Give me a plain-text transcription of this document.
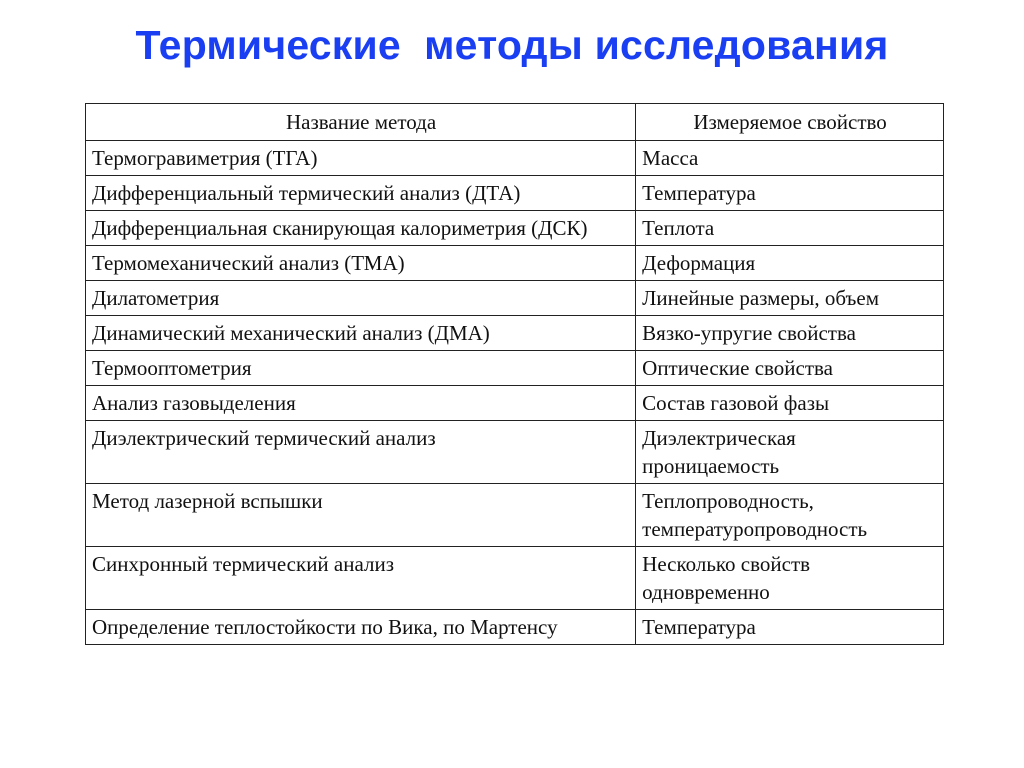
Термические  методы исследования
Название метода	Измеряемое свойство
Термогравиметрия (ТГА)	Масса
Дифференциальный термический анализ (ДТА)	Температура
Дифференциальная сканирующая калориметрия (ДСК)	Теплота
Термомеханический анализ (ТМА)	Деформация
Дилатометрия	Линейные размеры, объем
Динамический механический анализ (ДМА)	Вязко-упругие свойства
Термооптометрия	Оптические свойства
Анализ газовыделения	Состав газовой фазы
Диэлектрический термический анализ	Диэлектрическая проницаемость
Метод лазерной вспышки	Теплопроводность, температуропроводность
Синхронный термический анализ	Несколько свойств одновременно
Определение теплостойкости по Вика, по Мартенсу	Температура
